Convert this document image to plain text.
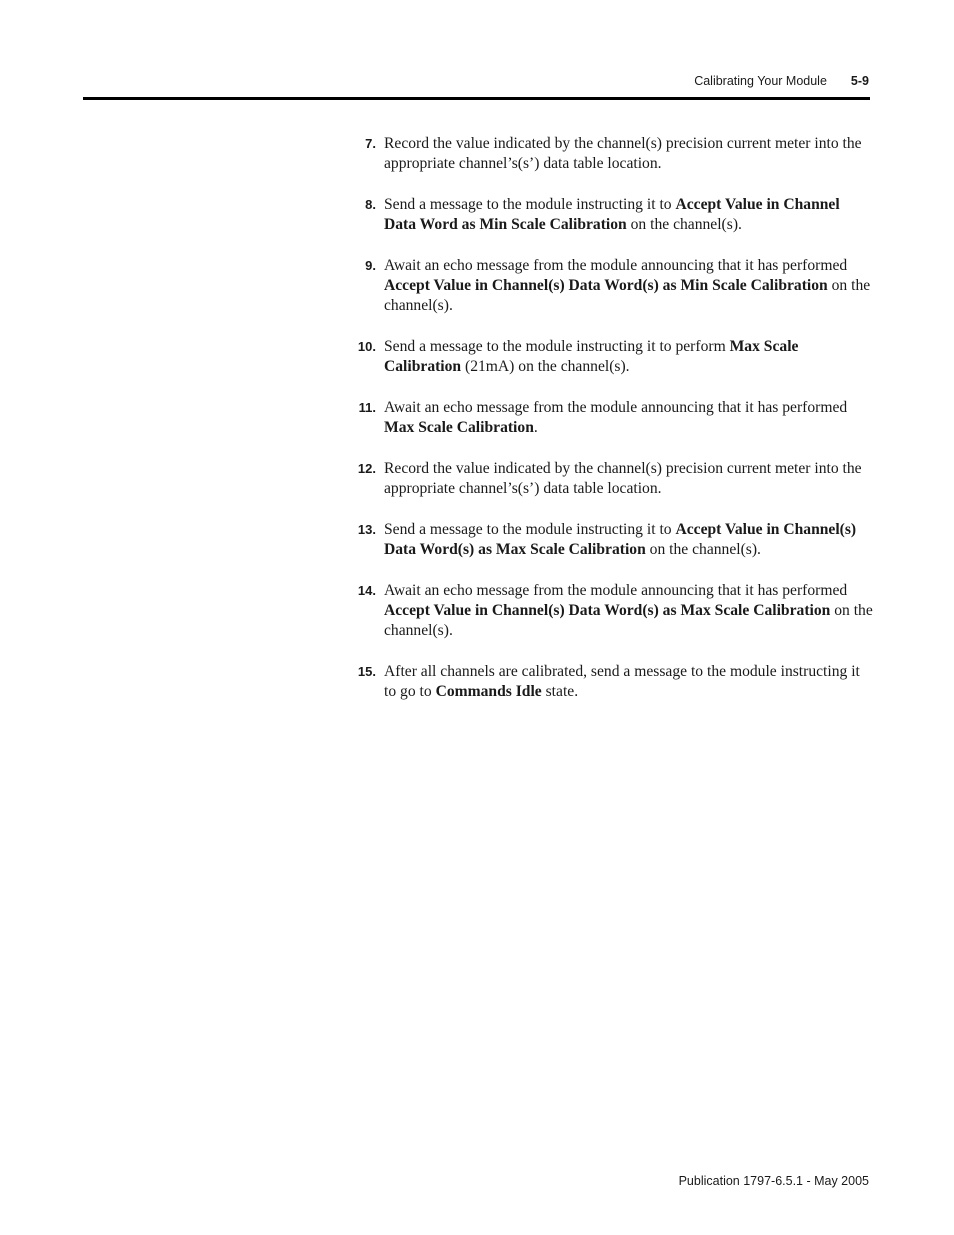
Calibrating Your Module 5-9
7. Record the value indicated by the channel(s) precision current meter into the appropriate channel’s(s’) data table location.
8. Send a message to the module instructing it to Accept Value in Channel Data Word as Min Scale Calibration on the channel(s).
9. Await an echo message from the module announcing that it has performed Accept Value in Channel(s) Data Word(s) as Min Scale Calibration on the channel(s).
10. Send a message to the module instructing it to perform Max Scale Calibration (21mA) on the channel(s).
11. Await an echo message from the module announcing that it has performed Max Scale Calibration.
12. Record the value indicated by the channel(s) precision current meter into the appropriate channel’s(s’) data table location.
13. Send a message to the module instructing it to Accept Value in Channel(s) Data Word(s) as Max Scale Calibration on the channel(s).
14. Await an echo message from the module announcing that it has performed Accept Value in Channel(s) Data Word(s) as Max Scale Calibration on the channel(s).
15. After all channels are calibrated, send a message to the module instructing it to go to Commands Idle state.
Publication 1797-6.5.1 - May 2005
